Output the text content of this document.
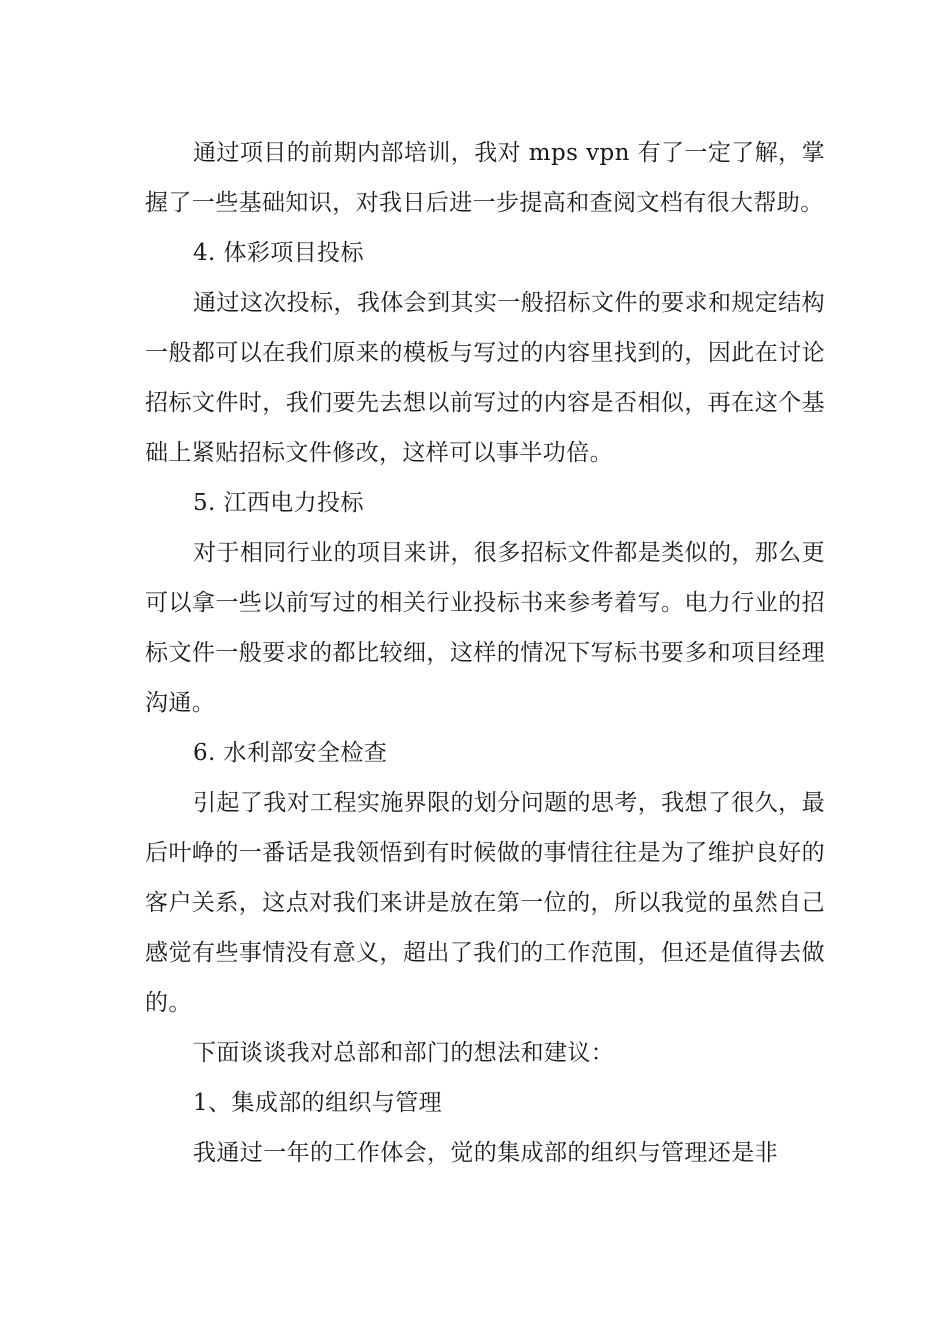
通过项目的前期内部培训，我对 mps vpn 有了一定了解，掌握了一些基础知识，对我日后进一步提高和查阅文档有很大帮助。

4. 体彩项目投标

通过这次投标，我体会到其实一般招标文件的要求和规定结构一般都可以在我们原来的模板与写过的内容里找到的，因此在讨论招标文件时，我们要先去想以前写过的内容是否相似，再在这个基础上紧贴招标文件修改，这样可以事半功倍。

5. 江西电力投标

对于相同行业的项目来讲，很多招标文件都是类似的，那么更可以拿一些以前写过的相关行业投标书来参考着写。电力行业的招标文件一般要求的都比较细，这样的情况下写标书要多和项目经理沟通。

6. 水利部安全检查

引起了我对工程实施界限的划分问题的思考，我想了很久，最后叶峥的一番话是我领悟到有时候做的事情往往是为了维护良好的客户关系，这点对我们来讲是放在第一位的，所以我觉的虽然自己感觉有些事情没有意义，超出了我们的工作范围，但还是值得去做的。

下面谈谈我对总部和部门的想法和建议：

1、集成部的组织与管理

我通过一年的工作体会，觉的集成部的组织与管理还是非
